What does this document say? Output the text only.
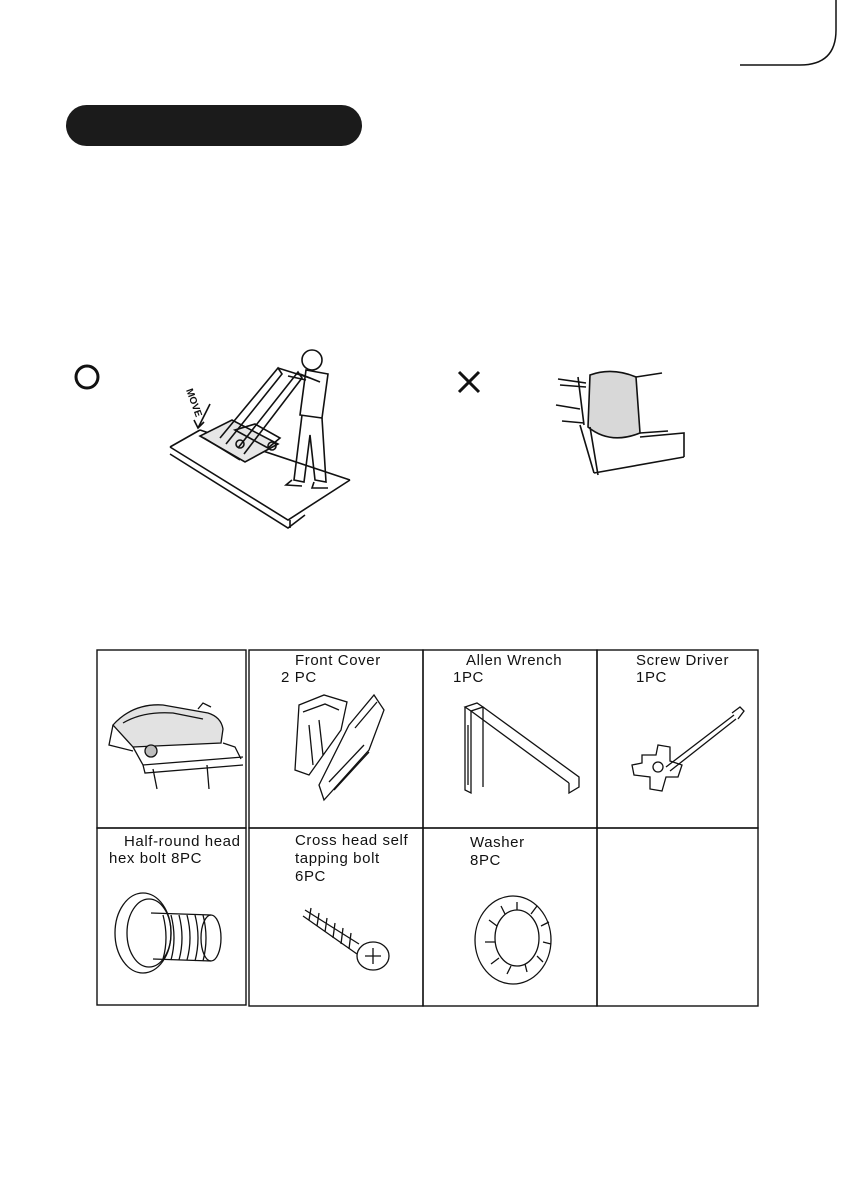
MOVE
Front Cover
2 PC
Allen Wrench
1PC
Screw Driver
1PC
Half-round head
hex bolt 8PC
Cross head self
tapping bolt
6PC
Washer
8PC
